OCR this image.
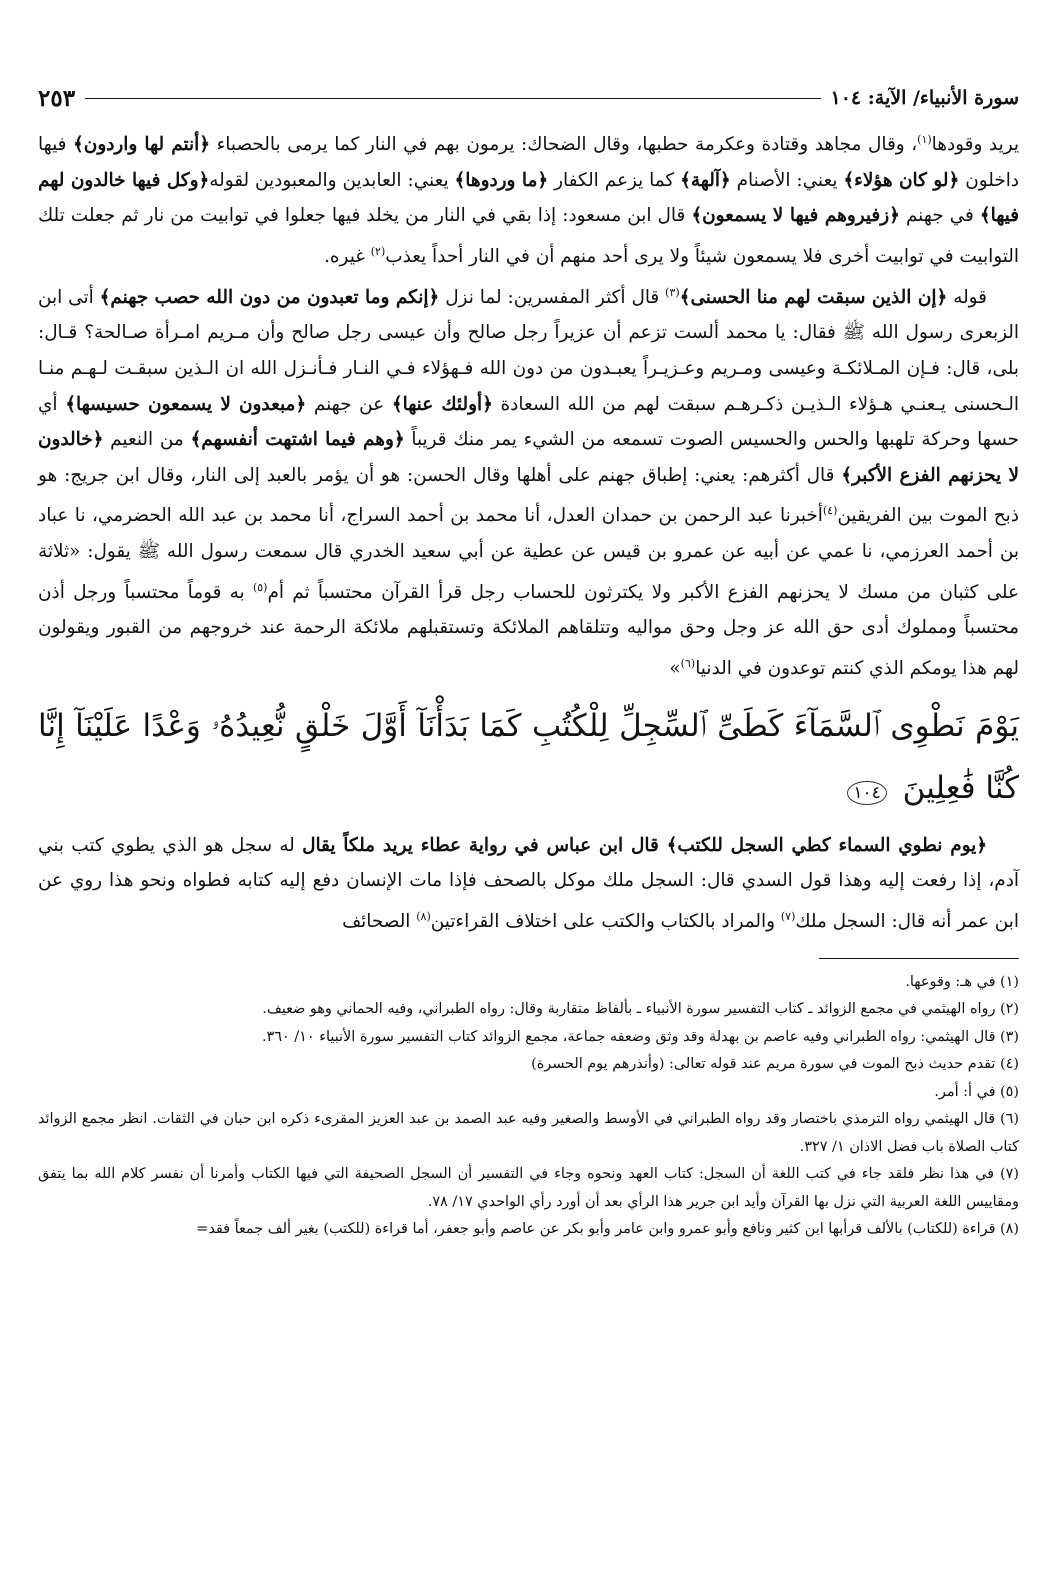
سورة الأنبياء/ الآية: ١٠٤
٢٥٣

يريد وقودها$^{(١)}$، وقال مجاهد وقتادة وعكرمة حطبها، وقال الضحاك: يرمون بهم في النار كما يرمى بالحصباء ﴿أنتم لها واردون﴾ فيها داخلون ﴿لو كان هؤلاء﴾ يعني: الأصنام ﴿آلهة﴾ كما يزعم الكفار ﴿ما وردوها﴾ يعني: العابدين والمعبودين لقوله﴿وكل فيها خالدون لهم فيها﴾ في جهنم ﴿زفيروهم فيها لا يسمعون﴾ قال ابن مسعود: إذا بقي في النار من يخلد فيها جعلوا في توابيت من نار ثم جعلت تلك التوابيت في توابيت أخرى فلا يسمعون شيئاً ولا يرى أحد منهم أن في النار أحداً يعذب$^{(٢)}$ غيره.

قوله ﴿إن الذين سبقت لهم منا الحسنى﴾$^{(٣)}$ قال أكثر المفسرين: لما نزل ﴿إنكم وما تعبدون من دون الله حصب جهنم﴾ أتى ابن الزبعرى رسول الله ﷺ فقال: يا محمد ألست تزعم أن عزيراً رجل صالح وأن عيسى رجل صالح وأن مـريم امـرأة صـالحة؟ قـال: بلى، قال: فـإن المـلائكـة وعيسى ومـريم وعـزيـراً يعبـدون من دون الله فـهؤلاء فـي النـار فـأنـزل الله ان الـذين سبقـت لـهـم منـا الـحسنى يـعنـي هـؤلاء الـذيـن ذكـرهـم سبقت لهم من الله السعادة ﴿أولئك عنها﴾ عن جهنم ﴿مبعدون لا يسمعون حسيسها﴾ أي حسها وحركة تلهبها والحس والحسيس الصوت تسمعه من الشيء يمر منك قريباً ﴿وهم فيما اشتهت أنفسهم﴾ من النعيم ﴿خالدون لا يحزنهم الفزع الأكبر﴾ قال أكثرهم: يعني: إطباق جهنم على أهلها وقال الحسن: هو أن يؤمر بالعبد إلى النار، وقال ابن جريج: هو ذبح الموت بين الفريقين$^{(٤)}$أخبرنا عبد الرحمن بن حمدان العدل، أنا محمد بن أحمد السراج، أنا محمد بن عبد الله الحضرمي، نا عباد بن أحمد العرزمي، نا عمي عن أبيه عن عمرو بن قيس عن عطية عن أبي سعيد الخدري قال سمعت رسول الله ﷺ يقول: «ثلاثة على كثبان من مسك لا يحزنهم الفزع الأكبر ولا يكترثون للحساب رجل قرأ القرآن محتسباً ثم أم$^{(٥)}$ به قوماً محتسباً ورجل أذن محتسباً ومملوك أدى حق الله عز وجل وحق مواليه وتتلقاهم الملائكة وتستقبلهم ملائكة الرحمة عند خروجهم من القبور ويقولون لهم هذا يومكم الذي كنتم توعدون في الدنيا$^{(٦)}$»

يَوْمَ نَطْوِى ٱلسَّمَآءَ كَطَىِّ ٱلسِّجِلِّ لِلْكُتُبِ كَمَا بَدَأْنَآ أَوَّلَ خَلْقٍ نُّعِيدُهُۥ وَعْدًا عَلَيْنَآ إِنَّا كُنَّا فَٰعِلِينَ ١٠٤

﴿يوم نطوي السماء كطي السجل للكتب﴾ قال ابن عباس في رواية عطاء يريد ملكاً يقال له سجل هو الذي يطوي كتب بني آدم، إذا رفعت إليه وهذا قول السدي قال: السجل ملك موكل بالصحف فإذا مات الإنسان دفع إليه كتابه فطواه ونحو هذا روي عن ابن عمر أنه قال: السجل ملك$^{(٧)}$ والمراد بالكتاب والكتب على اختلاف القراءتين$^{(٨)}$ الصحائف

(١) في هـ: وقوعها.

(٢) رواه الهيثمي في مجمع الزوائد ـ كتاب التفسير سورة الأنبياء ـ بألفاظ متقاربة وقال: رواه الطبراني، وفيه الحماني وهو ضعيف.

(٣) قال الهيثمي: رواه الطبراني وفيه عاصم بن بهدلة وقد وثق وضعفه جماعة، مجمع الزوائد كتاب التفسير سورة الأنبياء ١٠/ ٣٦٠.

(٤) تقدم حديث ذبح الموت في سورة مريم عند قوله تعالى: (وأنذرهم يوم الحسرة)

(٥) في أ: أمر.

(٦) قال الهيثمي رواه الترمذي باختصار وقد رواه الطبراني في الأوسط والصغير وفيه عبد الصمد بن عبد العزيز المقرىء ذكره ابن حبان في الثقات. انظر مجمع الزوائد كتاب الصلاة باب فضل الاذان ١/ ٣٢٧.

(٧) في هذا نظر فلقد جاء في كتب اللغة أن السجل: كتاب العهد ونحوه وجاء في التفسير أن السجل الصحيفة التي فيها الكتاب وأمرنا أن نفسر كلام الله بما يتفق ومقاييس اللغة العربية التي نزل بها القرآن وأيد ابن جرير هذا الرأي بعد أن أورد رأي الواحدي ١٧/ ٧٨.

(٨) قراءة (للكتاب) بالألف قرأبها ابن كثير ونافع وأبو عمرو وابن عامر وأبو بكر عن عاصم وأبو جعفر، أما قراءة (للكتب) بغير ألف جمعاً فقد=
